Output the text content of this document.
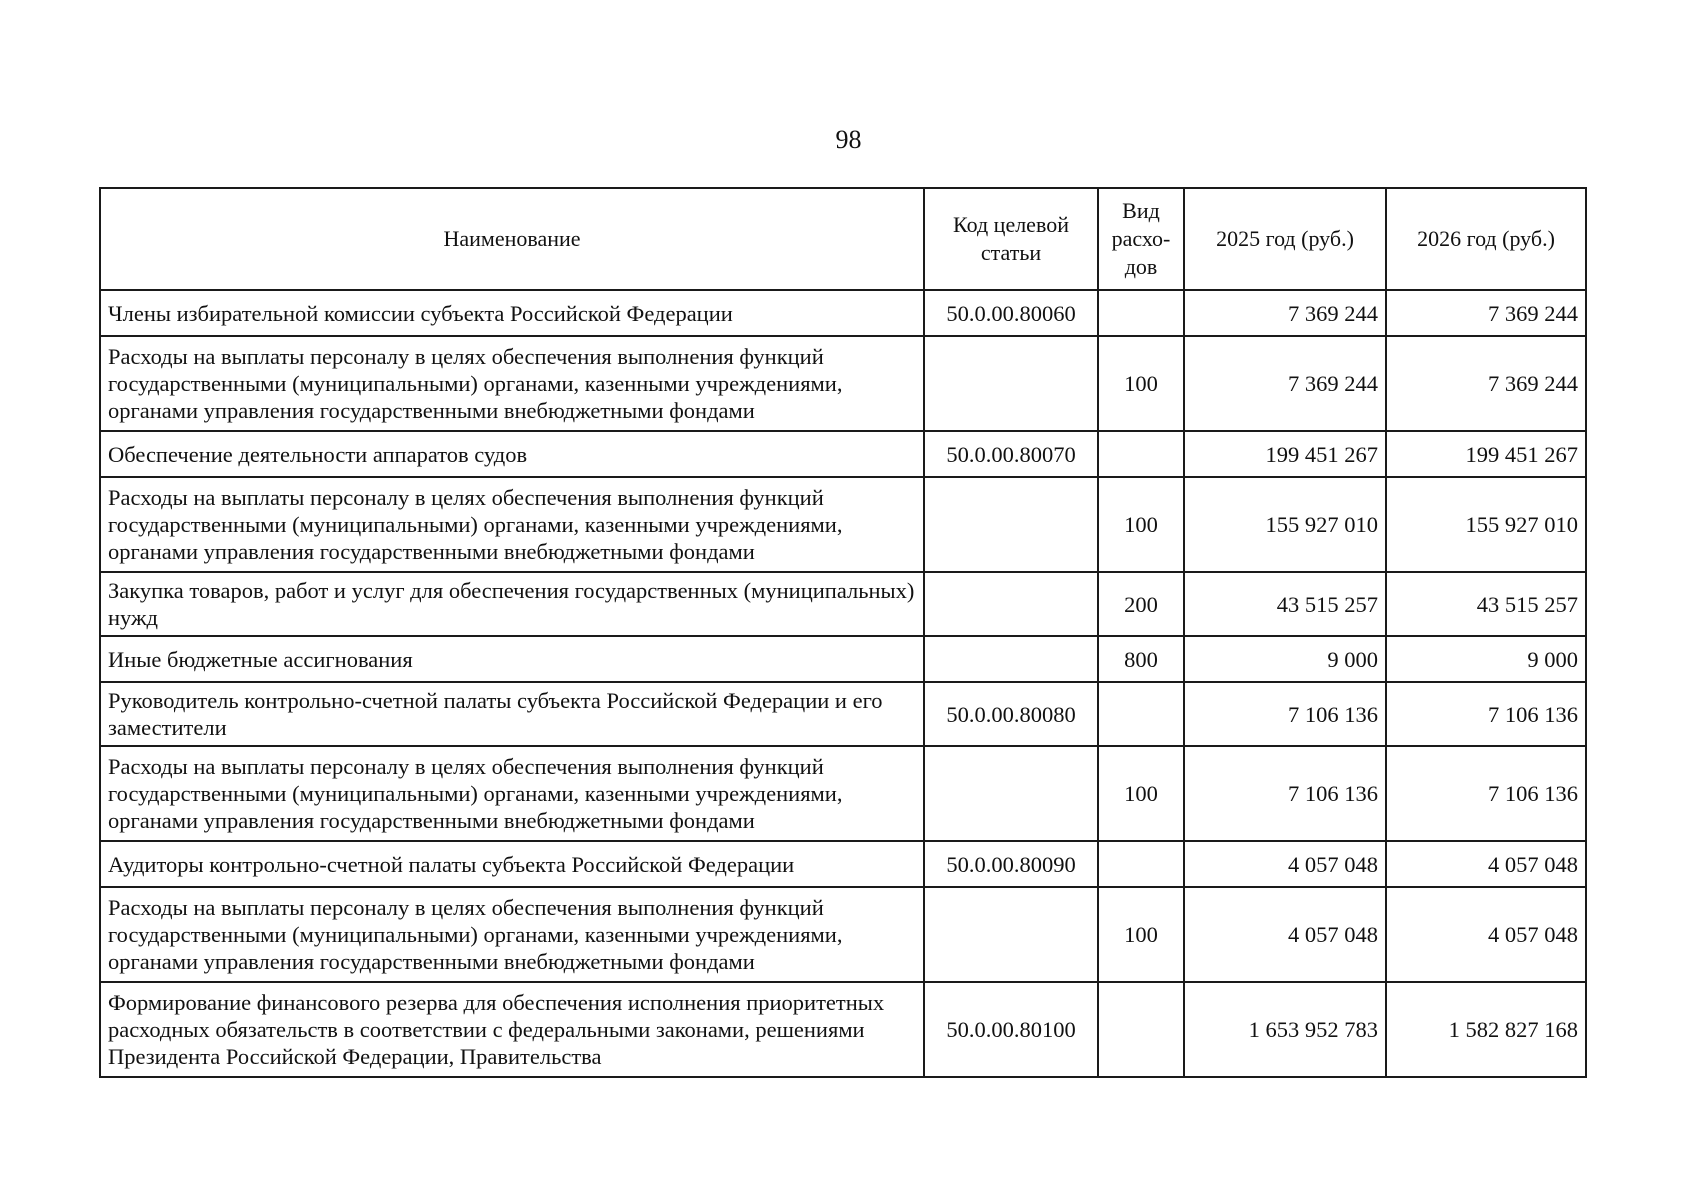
98
Наименование	Код целевой статьи	Вид расхо-дов	2025 год (руб.)	2026 год (руб.)
Члены избирательной комиссии субъекта Российской Федерации	50.0.00.80060		7 369 244	7 369 244
Расходы на выплаты персоналу в целях обеспечения выполнения функций государственными (муниципальными) органами, казенными учреждениями, органами управления государственными внебюджетными фондами		100	7 369 244	7 369 244
Обеспечение деятельности аппаратов судов	50.0.00.80070		199 451 267	199 451 267
Расходы на выплаты персоналу в целях обеспечения выполнения функций государственными (муниципальными) органами, казенными учреждениями, органами управления государственными внебюджетными фондами		100	155 927 010	155 927 010
Закупка товаров, работ и услуг для обеспечения государственных (муниципальных) нужд		200	43 515 257	43 515 257
Иные бюджетные ассигнования		800	9 000	9 000
Руководитель контрольно-счетной палаты субъекта Российской Федерации и его заместители	50.0.00.80080		7 106 136	7 106 136
Расходы на выплаты персоналу в целях обеспечения выполнения функций государственными (муниципальными) органами, казенными учреждениями, органами управления государственными внебюджетными фондами		100	7 106 136	7 106 136
Аудиторы контрольно-счетной палаты субъекта Российской Федерации	50.0.00.80090		4 057 048	4 057 048
Расходы на выплаты персоналу в целях обеспечения выполнения функций государственными (муниципальными) органами, казенными учреждениями, органами управления государственными внебюджетными фондами		100	4 057 048	4 057 048
Формирование финансового резерва для обеспечения исполнения приоритетных расходных обязательств в соответствии с федеральными законами, решениями Президента Российской Федерации, Правительства	50.0.00.80100		1 653 952 783	1 582 827 168
